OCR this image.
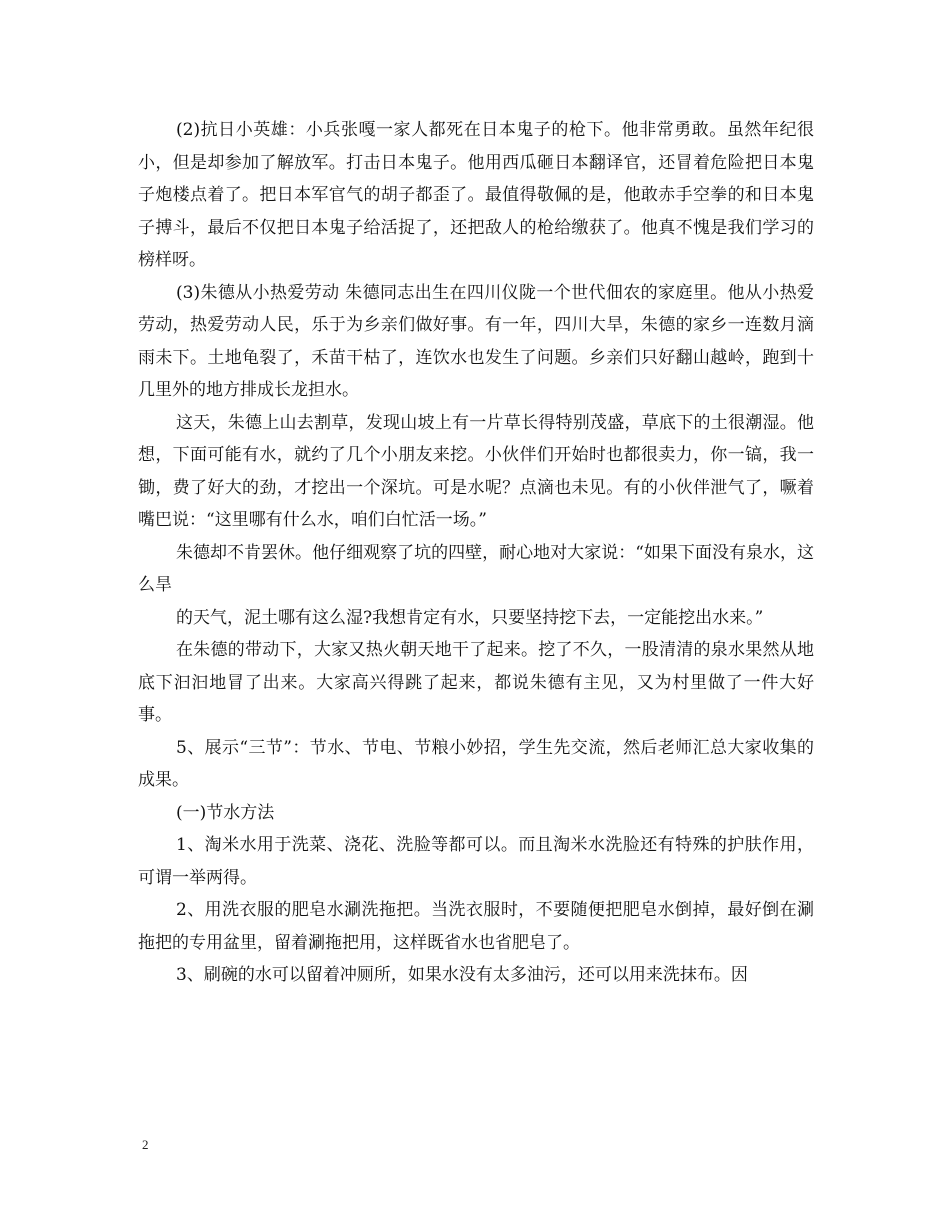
(2)抗日小英雄：小兵张嘎一家人都死在日本鬼子的枪下。他非常勇敢。虽然年纪很小，但是却参加了解放军。打击日本鬼子。他用西瓜砸日本翻译官，还冒着危险把日本鬼子炮楼点着了。把日本军官气的胡子都歪了。最值得敬佩的是，他敢赤手空拳的和日本鬼子搏斗，最后不仅把日本鬼子给活捉了，还把敌人的枪给缴获了。他真不愧是我们学习的榜样呀。

(3)朱德从小热爱劳动 朱德同志出生在四川仪陇一个世代佃农的家庭里。他从小热爱劳动，热爱劳动人民，乐于为乡亲们做好事。有一年，四川大旱，朱德的家乡一连数月滴雨未下。土地龟裂了，禾苗干枯了，连饮水也发生了问题。乡亲们只好翻山越岭，跑到十几里外的地方排成长龙担水。

这天，朱德上山去割草，发现山坡上有一片草长得特别茂盛，草底下的土很潮湿。他想，下面可能有水，就约了几个小朋友来挖。小伙伴们开始时也都很卖力，你一镐，我一锄，费了好大的劲，才挖出一个深坑。可是水呢？点滴也未见。有的小伙伴泄气了，噘着嘴巴说：“这里哪有什么水，咱们白忙活一场。”

朱德却不肯罢休。他仔细观察了坑的四壁，耐心地对大家说：“如果下面没有泉水，这么旱

的天气，泥土哪有这么湿?我想肯定有水，只要坚持挖下去，一定能挖出水来。”

在朱德的带动下，大家又热火朝天地干了起来。挖了不久，一股清清的泉水果然从地底下汩汩地冒了出来。大家高兴得跳了起来，都说朱德有主见，又为村里做了一件大好事。

5、展示“三节”：节水、节电、节粮小妙招，学生先交流，然后老师汇总大家收集的成果。

(一)节水方法

1、淘米水用于洗菜、浇花、洗脸等都可以。而且淘米水洗脸还有特殊的护肤作用，可谓一举两得。

2、用洗衣服的肥皂水涮洗拖把。当洗衣服时，不要随便把肥皂水倒掉，最好倒在涮拖把的专用盆里，留着涮拖把用，这样既省水也省肥皂了。

3、刷碗的水可以留着冲厕所，如果水没有太多油污，还可以用来洗抹布。因

2
